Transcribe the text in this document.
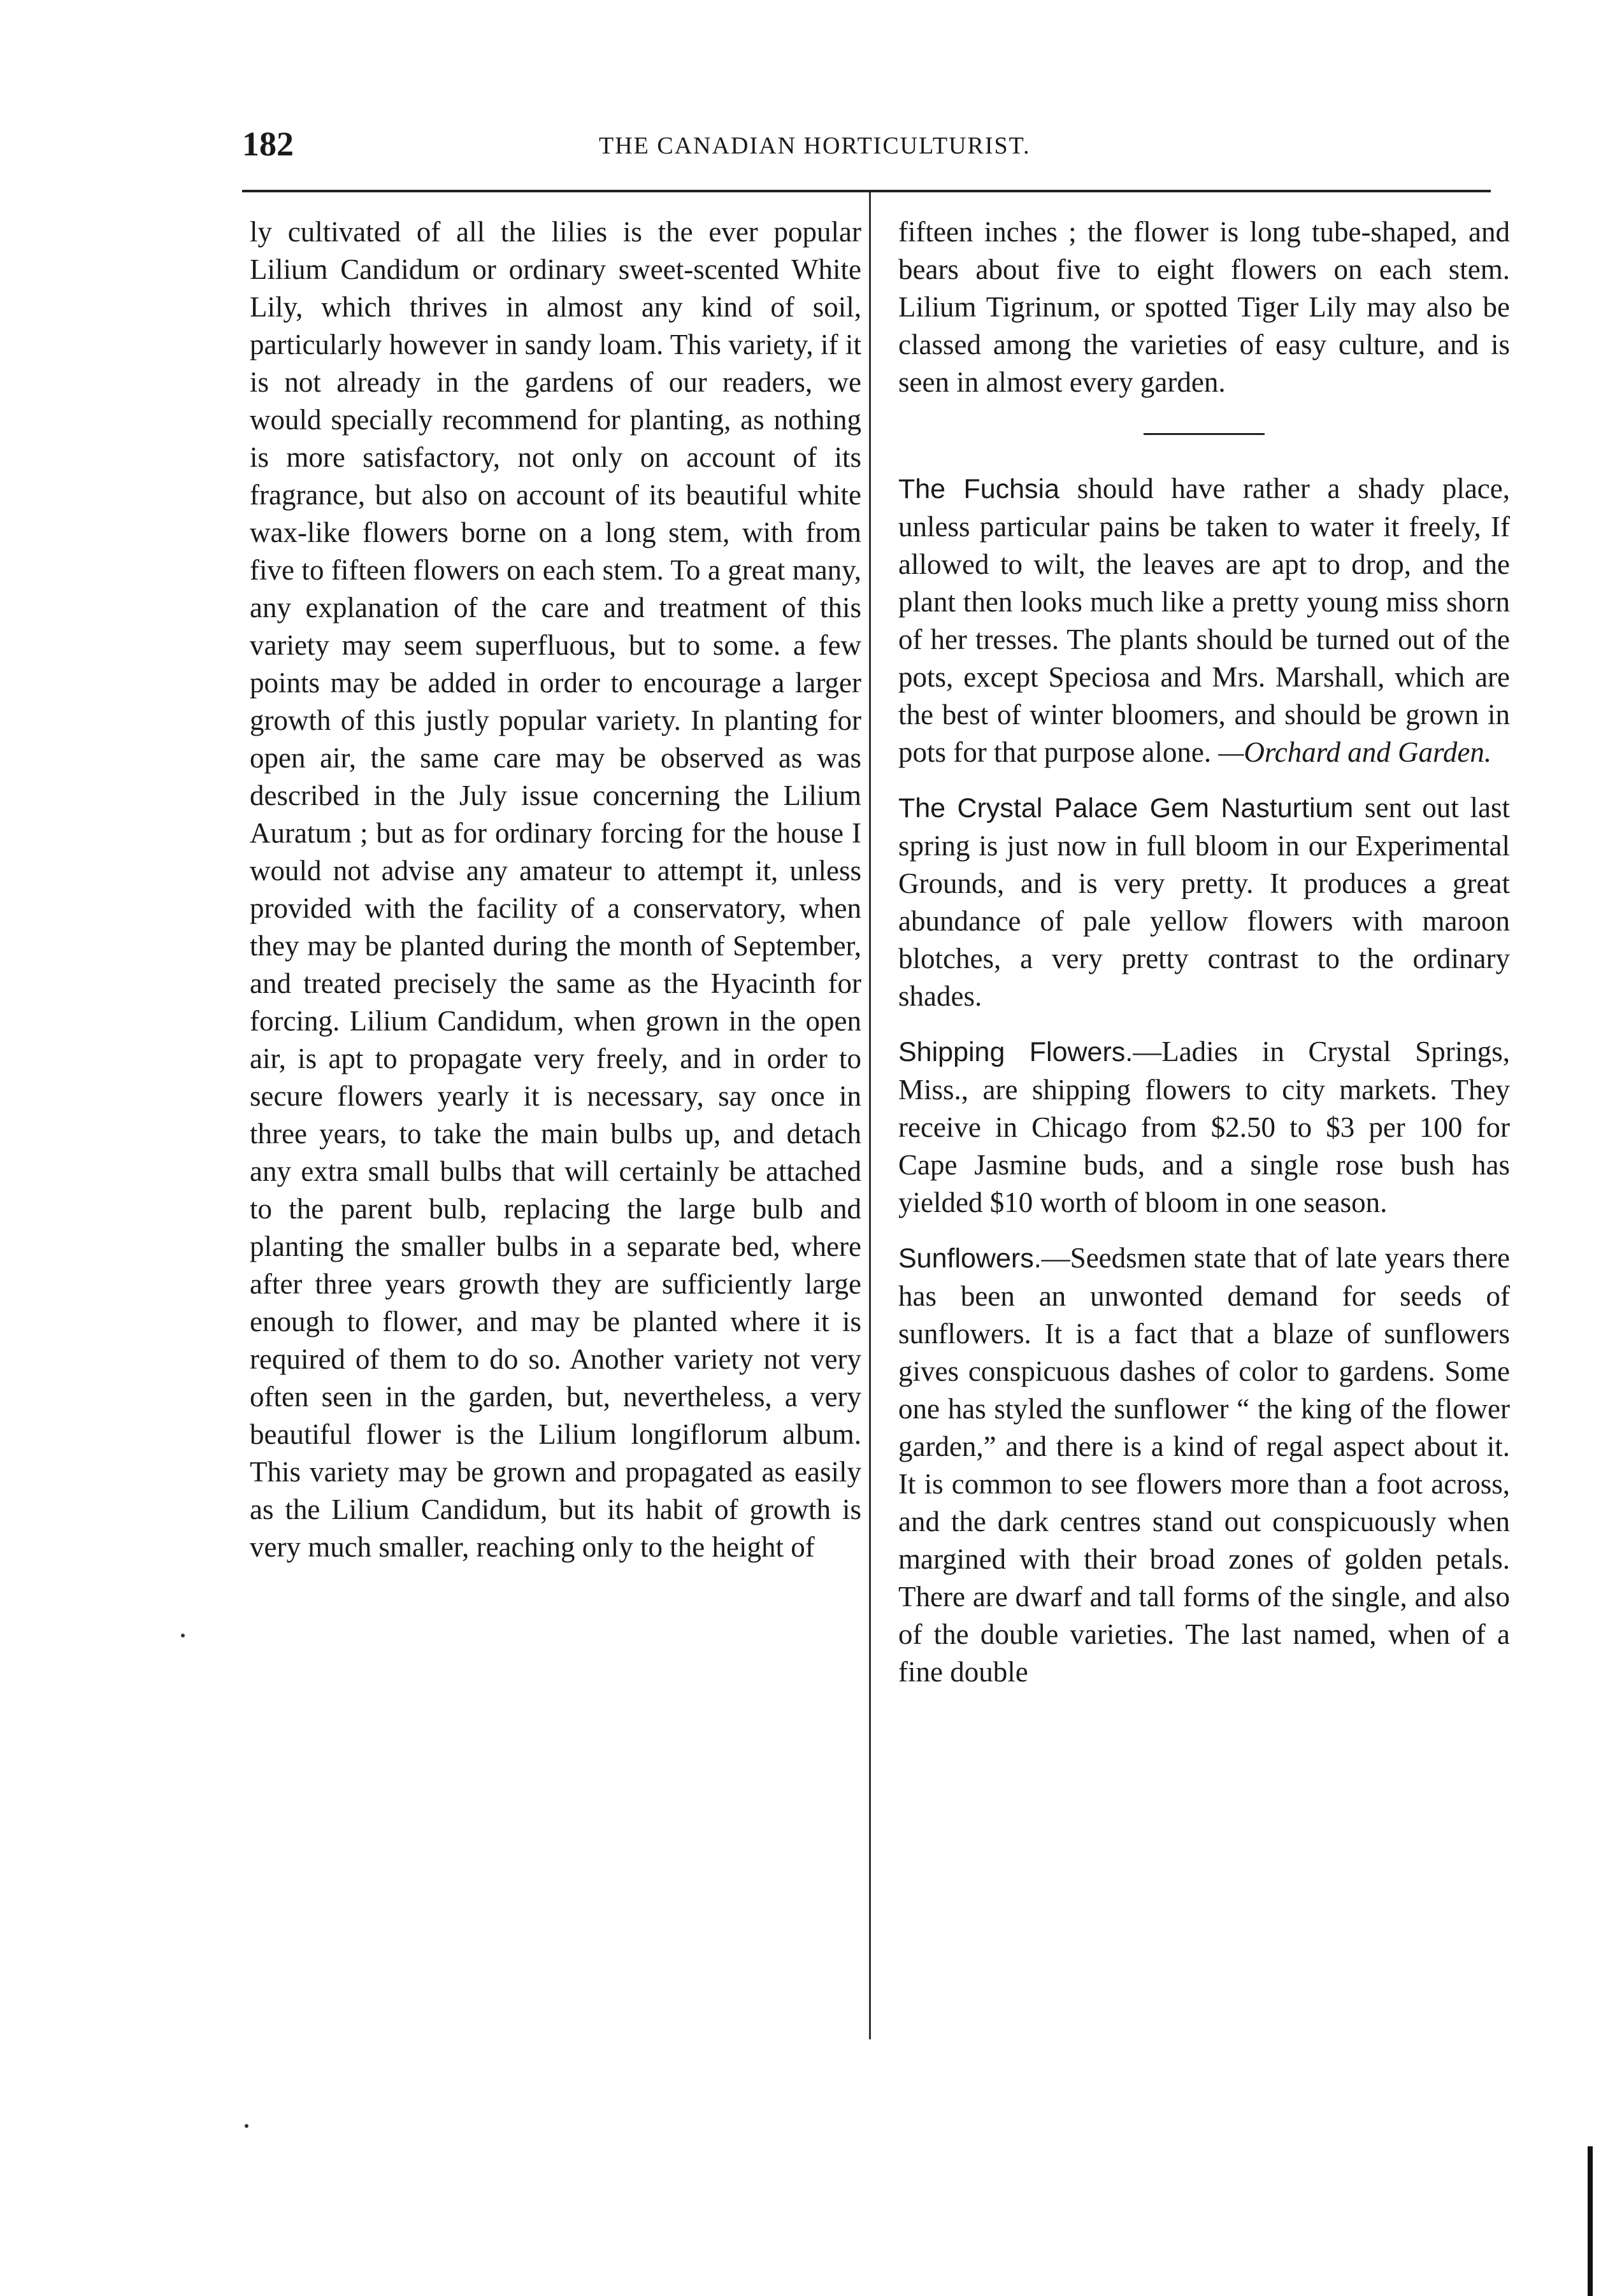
182	THE CANADIAN HORTICULTURIST.

ly cultivated of all the lilies is the ever popular Lilium Candidum or ordinary sweet-scented White Lily, which thrives in almost any kind of soil, particularly however in sandy loam. This variety, if it is not already in the gardens of our readers, we would specially recommend for planting, as nothing is more satisfactory, not only on account of its fragrance, but also on account of its beautiful white wax-like flowers borne on a long stem, with from five to fifteen flowers on each stem. To a great many, any explanation of the care and treatment of this variety may seem superfluous, but to some. a few points may be added in order to encourage a larger growth of this justly popular variety. In planting for open air, the same care may be observed as was described in the July issue concerning the Lilium Auratum ; but as for ordinary forcing for the house I would not advise any amateur to attempt it, unless provided with the facility of a conservatory, when they may be planted during the month of September, and treated precisely the same as the Hyacinth for forcing. Lilium Candidum, when grown in the open air, is apt to propagate very freely, and in order to secure flowers yearly it is necessary, say once in three years, to take the main bulbs up, and detach any extra small bulbs that will certainly be attached to the parent bulb, replacing the large bulb and planting the smaller bulbs in a separate bed, where after three years growth they are sufficiently large enough to flower, and may be planted where it is required of them to do so. Another variety not very often seen in the garden, but, nevertheless, a very beautiful flower is the Lilium longiflorum album. This variety may be grown and propagated as easily as the Lilium Candidum, but its habit of growth is very much smaller, reaching only to the height of

fifteen inches ; the flower is long tube-shaped, and bears about five to eight flowers on each stem. Lilium Tigrinum, or spotted Tiger Lily may also be classed among the varieties of easy culture, and is seen in almost every garden.

The Fuchsia should have rather a shady place, unless particular pains be taken to water it freely, If allowed to wilt, the leaves are apt to drop, and the plant then looks much like a pretty young miss shorn of her tresses. The plants should be turned out of the pots, except Speciosa and Mrs. Marshall, which are the best of winter bloomers, and should be grown in pots for that purpose alone. —Orchard and Garden.

The Crystal Palace Gem Nasturtium sent out last spring is just now in full bloom in our Experimental Grounds, and is very pretty. It produces a great abundance of pale yellow flowers with maroon blotches, a very pretty contrast to the ordinary shades.

Shipping Flowers.—Ladies in Crystal Springs, Miss., are shipping flowers to city markets. They receive in Chicago from $2.50 to $3 per 100 for Cape Jasmine buds, and a single rose bush has yielded $10 worth of bloom in one season.

Sunflowers.—Seedsmen state that of late years there has been an unwonted demand for seeds of sunflowers. It is a fact that a blaze of sunflowers gives conspicuous dashes of color to gardens. Some one has styled the sunflower “ the king of the flower garden,” and there is a kind of regal aspect about it. It is common to see flowers more than a foot across, and the dark centres stand out conspicuously when margined with their broad zones of golden petals. There are dwarf and tall forms of the single, and also of the double varieties. The last named, when of a fine double
